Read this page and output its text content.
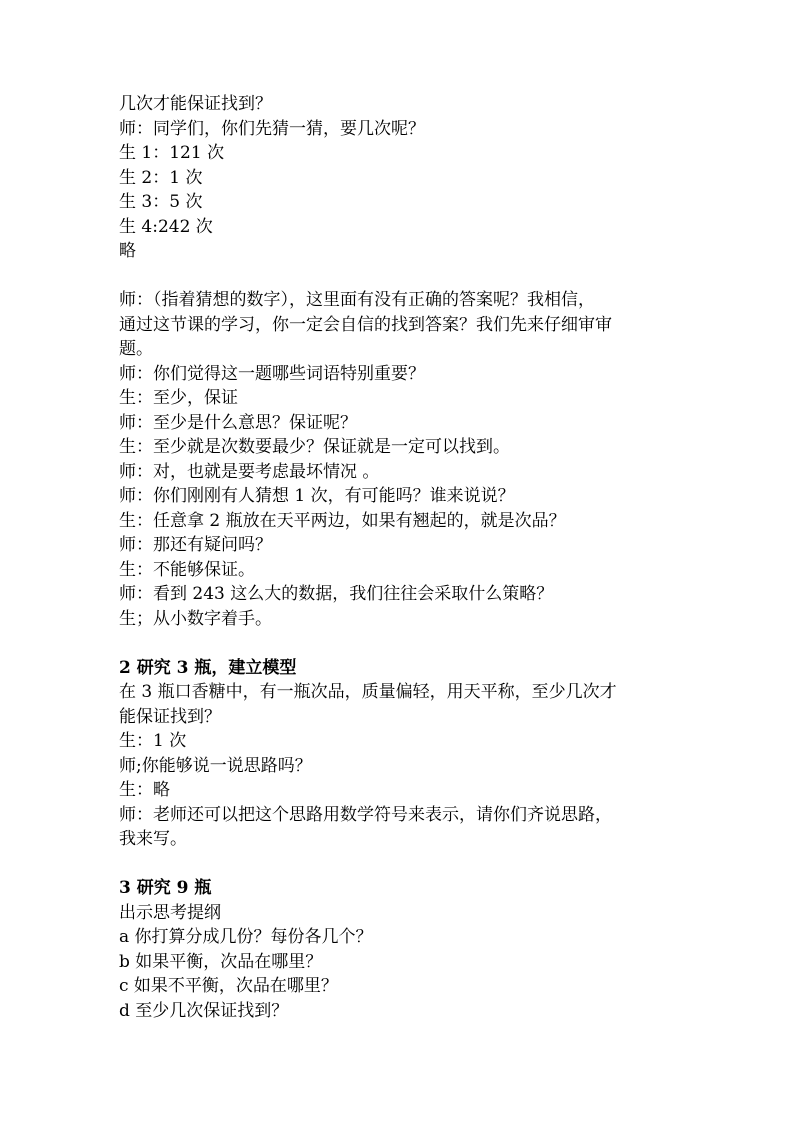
几次才能保证找到？
师：同学们，你们先猜一猜，要几次呢？
生 1：121 次
生 2：1 次
生 3：5 次
生 4:242 次
略
师：（指着猜想的数字），这里面有没有正确的答案呢？我相信，
通过这节课的学习，你一定会自信的找到答案？我们先来仔细审审
题。
师：你们觉得这一题哪些词语特别重要？
生：至少，保证
师：至少是什么意思？保证呢？
生：至少就是次数要最少？保证就是一定可以找到。
师：对，也就是要考虑最坏情况 。
师：你们刚刚有人猜想 1 次，有可能吗？谁来说说？
生：任意拿 2 瓶放在天平两边，如果有翘起的，就是次品？
师：那还有疑问吗？
生：不能够保证。
师：看到 243 这么大的数据，我们往往会采取什么策略？
生；从小数字着手。
2 研究 3 瓶，建立模型
在 3 瓶口香糖中，有一瓶次品，质量偏轻，用天平称，至少几次才
能保证找到？
生：1 次
师;你能够说一说思路吗？
生：略
师：老师还可以把这个思路用数学符号来表示，请你们齐说思路，
我来写。
3 研究 9 瓶
出示思考提纲
a 你打算分成几份？每份各几个？
b 如果平衡，次品在哪里？
c 如果不平衡，次品在哪里？
d 至少几次保证找到？
